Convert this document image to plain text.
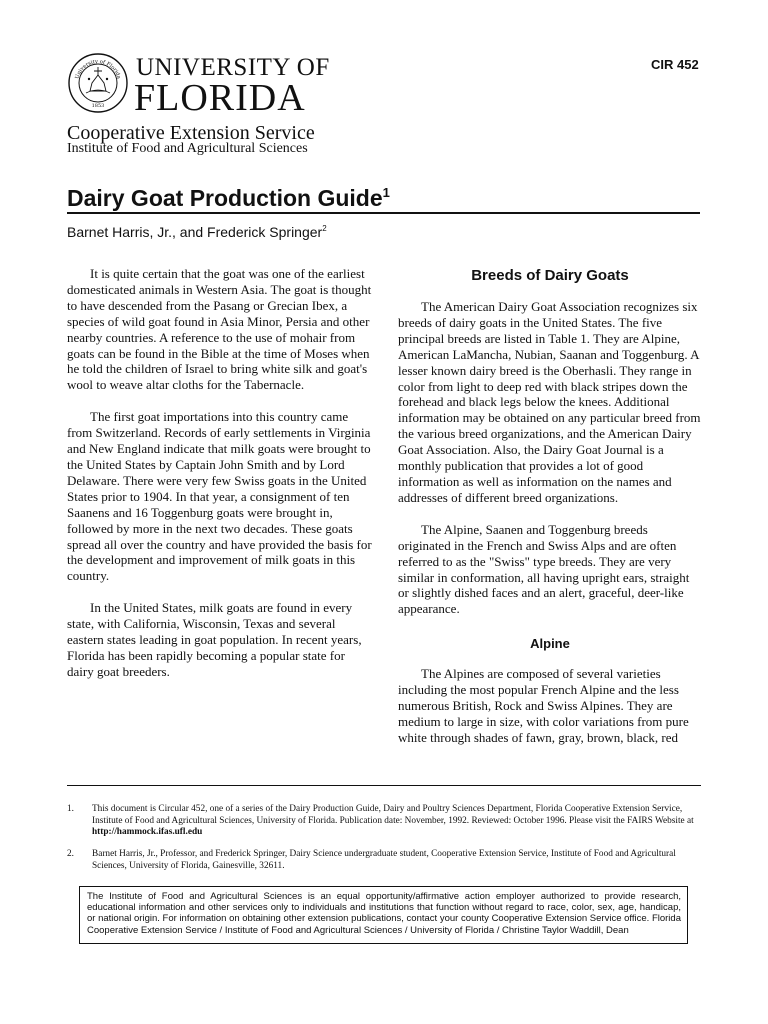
University of Florida
1853
UNIVERSITY OF
FLORIDA
Cooperative Extension Service
Institute of Food and Agricultural Sciences
CIR 452
Dairy Goat Production Guide$^1$
Barnet Harris, Jr., and Frederick Springer$^2$

It is quite certain that the goat was one of the earliest domesticated animals in Western Asia. The goat is thought to have descended from the Pasang or Grecian Ibex, a species of wild goat found in Asia Minor, Persia and other nearby countries. A reference to the use of mohair from goats can be found in the Bible at the time of Moses when he told the children of Israel to bring white silk and goat's wool to weave altar cloths for the Tabernacle.

The first goat importations into this country came from Switzerland. Records of early settlements in Virginia and New England indicate that milk goats were brought to the United States by Captain John Smith and by Lord Delaware. There were very few Swiss goats in the United States prior to 1904. In that year, a consignment of ten Saanens and 16 Toggenburg goats were brought in, followed by more in the next two decades. These goats spread all over the country and have provided the basis for the development and improvement of milk goats in this country.

In the United States, milk goats are found in every state, with California, Wisconsin, Texas and several eastern states leading in goat population. In recent years, Florida has been rapidly becoming a popular state for dairy goat breeders.

Breeds of Dairy Goats

The American Dairy Goat Association recognizes six breeds of dairy goats in the United States. The five principal breeds are listed in Table 1. They are Alpine, American LaMancha, Nubian, Saanan and Toggenburg. A lesser known dairy breed is the Oberhasli. They range in color from light to deep red with black stripes down the forehead and black legs below the knees. Additional information may be obtained on any particular breed from the various breed organizations, and the American Dairy Goat Association. Also, the Dairy Goat Journal is a monthly publication that provides a lot of good information as well as information on the names and addresses of different breed organizations.

The Alpine, Saanen and Toggenburg breeds originated in the French and Swiss Alps and are often referred to as the "Swiss" type breeds. They are very similar in conformation, all having upright ears, straight or slightly dished faces and an alert, graceful, deer-like appearance.

Alpine

The Alpines are composed of several varieties including the most popular French Alpine and the less numerous British, Rock and Swiss Alpines. They are medium to large in size, with color variations from pure white through shades of fawn, gray, brown, black, red

1. This document is Circular 452, one of a series of the Dairy Production Guide, Dairy and Poultry Sciences Department, Florida Cooperative Extension Service, Institute of Food and Agricultural Sciences, University of Florida. Publication date: November, 1992. Reviewed: October 1996. Please visit the FAIRS Website at http://hammock.ifas.ufl.edu
2. Barnet Harris, Jr., Professor, and Frederick Springer, Dairy Science undergraduate student, Cooperative Extension Service, Institute of Food and Agricultural Sciences, University of Florida, Gainesville, 32611.
The Institute of Food and Agricultural Sciences is an equal opportunity/affirmative action employer authorized to provide research, educational information and other services only to individuals and institutions that function without regard to race, color, sex, age, handicap, or national origin. For information on obtaining other extension publications, contact your county Cooperative Extension Service office. Florida Cooperative Extension Service / Institute of Food and Agricultural Sciences / University of Florida / Christine Taylor Waddill, Dean
